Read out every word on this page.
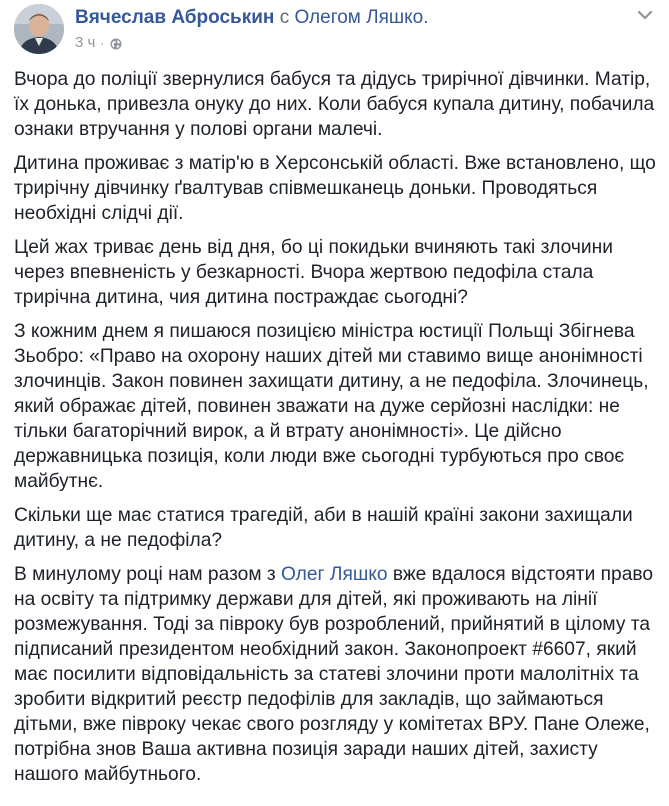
Вячеслав Аброськин с Олегом Ляшко.
3 ч ·

Вчора до поліції звернулися бабуся та дідусь трирічної дівчинки. Матір,
їх донька, привезла онуку до них. Коли бабуся купала дитину, побачила
ознаки втручання у полові органи малечі.

Дитина проживає з матір'ю в Херсонській області. Вже встановлено, що
трирічну дівчинку ґвалтував співмешканець доньки. Проводяться
необхідні слідчі дії.

Цей жах триває день від дня, бо ці покидьки вчиняють такі злочини
через впевненість у безкарності. Вчора жертвою педофіла стала
трирічна дитина, чия дитина постраждає сьогодні?

З кожним днем я пишаюся позицією міністра юстиції Польщі Збігнева
Зьобро: «Право на охорону наших дітей ми ставимо вище анонімності
злочинців. Закон повинен захищати дитину, а не педофіла. Злочинець,
який ображає дітей, повинен зважати на дуже серйозні наслідки: не
тільки багаторічний вирок, а й втрату анонімності». Це дійсно
державницька позиція, коли люди вже сьогодні турбуються про своє
майбутнє.

Скільки ще має статися трагедій, аби в нашій країні закони захищали
дитину, а не педофіла?

В минулому році нам разом з Олег Ляшко вже вдалося відстояти право
на освіту та підтримку держави для дітей, які проживають на лінії
розмежування. Тоді за півроку був розроблений, прийнятий в цілому та
підписаний президентом необхідний закон. Законопроект #6607, який
має посилити відповідальність за статеві злочини проти малолітніх та
зробити відкритий реєстр педофілів для закладів, що займаються
дітьми, вже півроку чекає свого розгляду у комітетах ВРУ. Пане Олеже,
потрібна знов Ваша активна позиція заради наших дітей, захисту
нашого майбутнього.
